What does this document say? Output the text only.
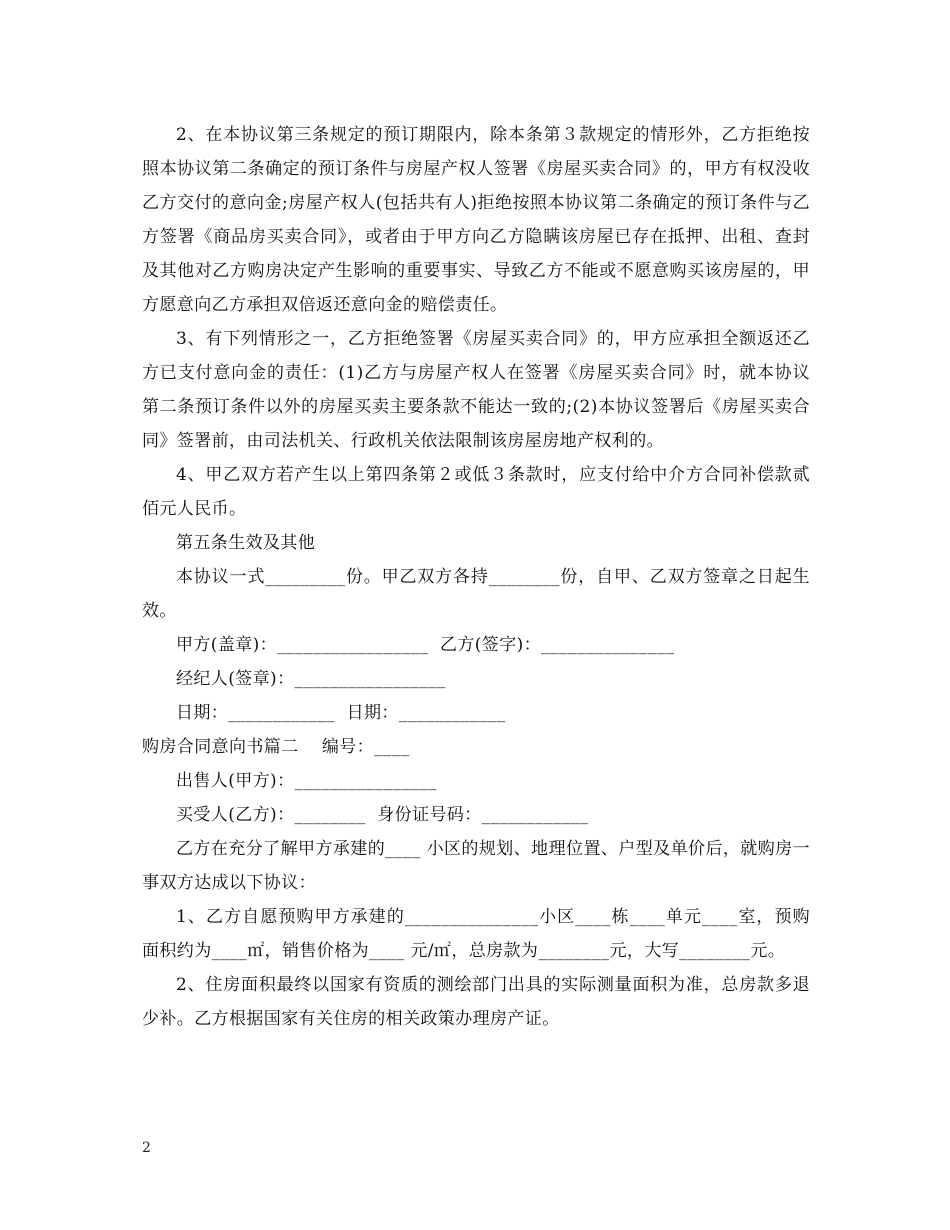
2、在本协议第三条规定的预订期限内，除本条第３款规定的情形外，乙方拒绝按照本协议第二条确定的预订条件与房屋产权人签署《房屋买卖合同》的，甲方有权没收乙方交付的意向金;房屋产权人(包括共有人)拒绝按照本协议第二条确定的预订条件与乙方签署《商品房买卖合同》，或者由于甲方向乙方隐瞒该房屋已存在抵押、出租、查封及其他对乙方购房决定产生影响的重要事实、导致乙方不能或不愿意购买该房屋的，甲方愿意向乙方承担双倍返还意向金的赔偿责任。

3、有下列情形之一，乙方拒绝签署《房屋买卖合同》的，甲方应承担全额返还乙方已支付意向金的责任：(1)乙方与房屋产权人在签署《房屋买卖合同》时，就本协议第二条预订条件以外的房屋买卖主要条款不能达一致的;(2)本协议签署后《房屋买卖合同》签署前，由司法机关、行政机关依法限制该房屋房地产权利的。

4、甲乙双方若产生以上第四条第２或低３条款时，应支付给中介方合同补偿款贰佰元人民币。

第五条生效及其他

本协议一式_________份。甲乙双方各持________份，自甲、乙双方签章之日起生效。

甲方(盖章)：_________________  乙方(签字)：_______________

经纪人(签章)：_________________

日期：____________  日期：____________

购房合同意向书篇二    编号：____

出售人(甲方)：________________

买受人(乙方)：________  身份证号码：____________

乙方在充分了解甲方承建的____ 小区的规划、地理位置、户型及单价后，就购房一事双方达成以下协议：

1、乙方自愿预购甲方承建的_______________小区____栋____单元____室，预购面积约为____㎡，销售价格为____ 元/㎡，总房款为________元，大写________元。

2、住房面积最终以国家有资质的测绘部门出具的实际测量面积为准，总房款多退少补。乙方根据国家有关住房的相关政策办理房产证。

2
